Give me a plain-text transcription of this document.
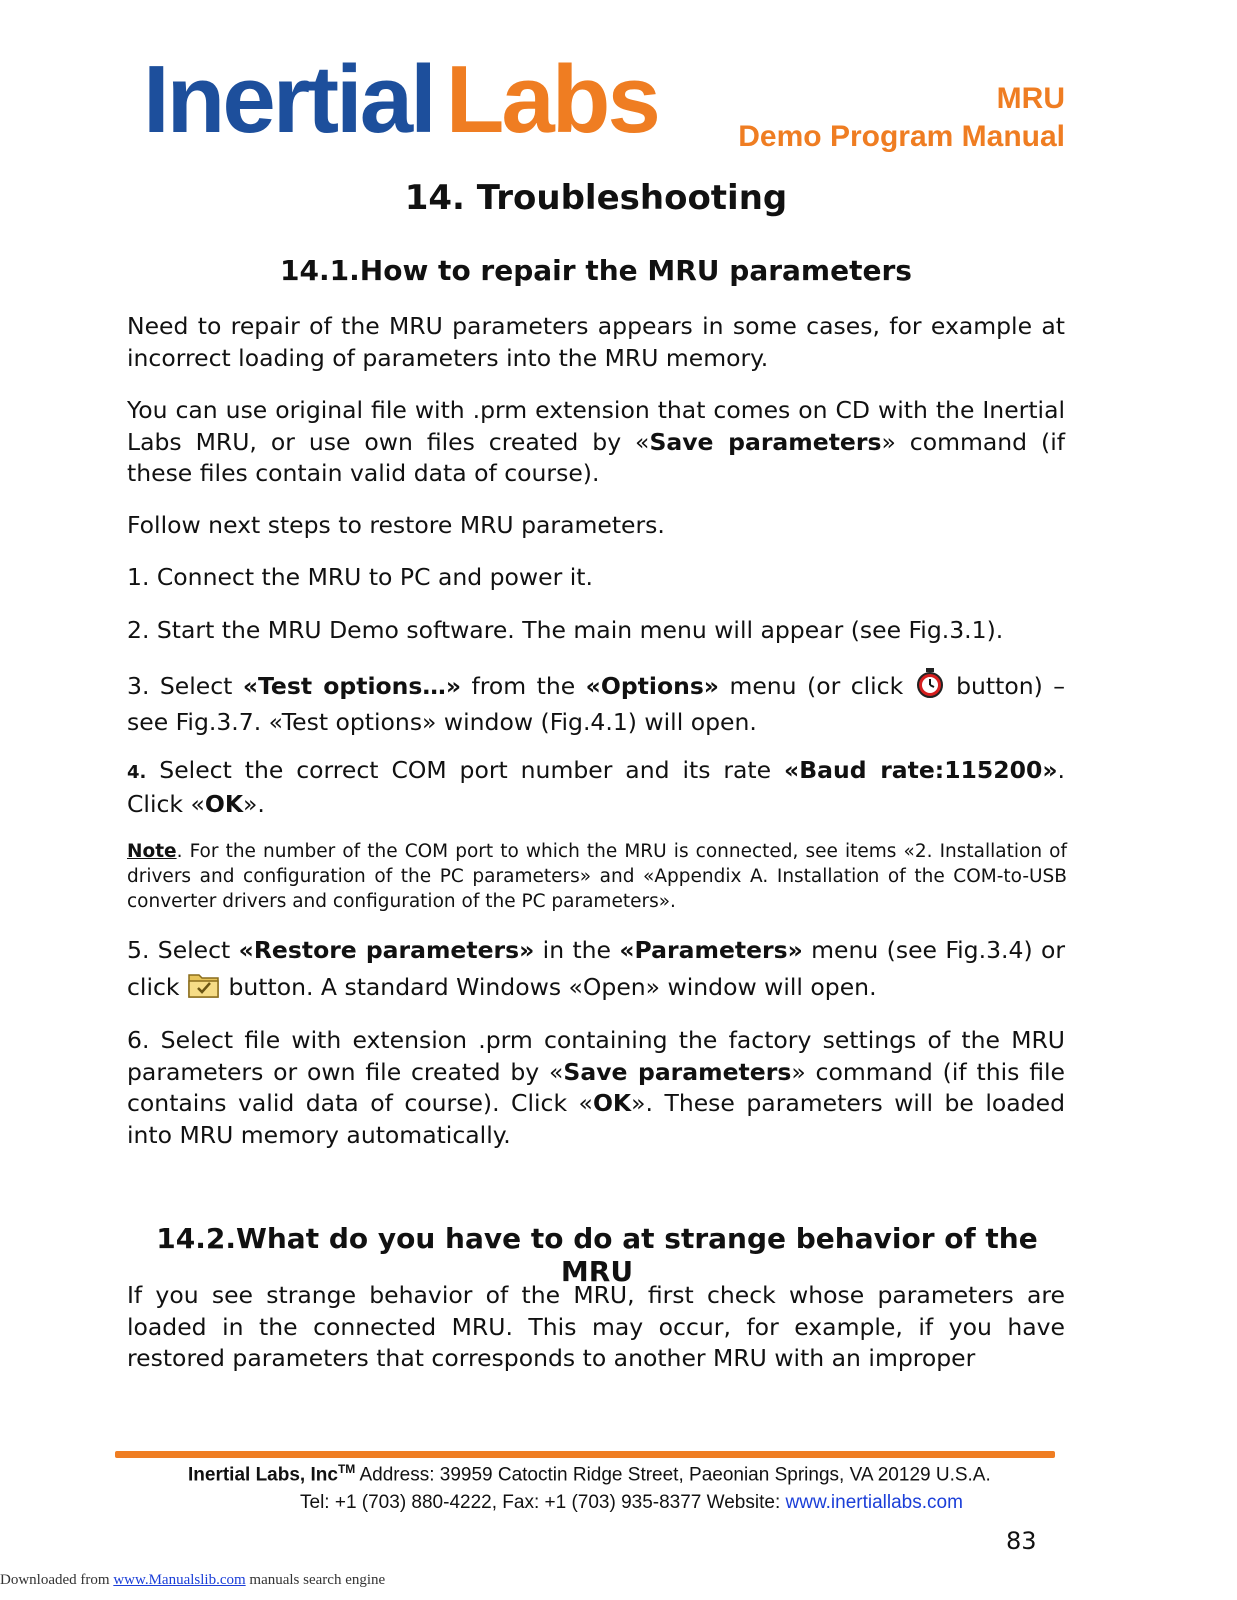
Inertial Labs	MRU
Demo Program Manual
14. Troubleshooting
14.1.How to repair the MRU parameters

Need to repair of the MRU parameters appears in some cases, for example at incorrect loading of parameters into the MRU memory.

You can use original file with .prm extension that comes on CD with the Inertial Labs MRU, or use own files created by «Save parameters» command (if these files contain valid data of course).

Follow next steps to restore MRU parameters.

1. Connect the MRU to PC and power it.

2. Start the MRU Demo software. The main menu will appear (see Fig.3.1).

3. Select «Test options…» from the «Options» menu (or click  button) – see Fig.3.7. «Test options» window (Fig.4.1) will open.

4. Select the correct COM port number and its rate «Baud rate:115200». Click «OK».

Note. For the number of the COM port to which the MRU is connected, see items «2. Installation of drivers and configuration of the PC parameters» and «Appendix A. Installation of the COM-to-USB converter drivers and configuration of the PC parameters».

5. Select «Restore parameters» in the «Parameters» menu (see Fig.3.4) or click  button. A standard Windows «Open» window will open.

6. Select file with extension .prm containing the factory settings of the MRU parameters or own file created by «Save parameters» command (if this file contains valid data of course). Click «OK». These parameters will be loaded into MRU memory automatically.

14.2.What do you have to do at strange behavior of the MRU

If you see strange behavior of the MRU, first check whose parameters are loaded in the connected MRU. This may occur, for example, if you have restored parameters that corresponds to another MRU with an improper

Inertial Labs, Inc™ Address: 39959 Catoctin Ridge Street, Paeonian Springs, VA 20129 U.S.A.
Tel: +1 (703) 880-4222, Fax: +1 (703) 935-8377 Website: www.inertiallabs.com
83
Downloaded from www.Manualslib.com manuals search engine
